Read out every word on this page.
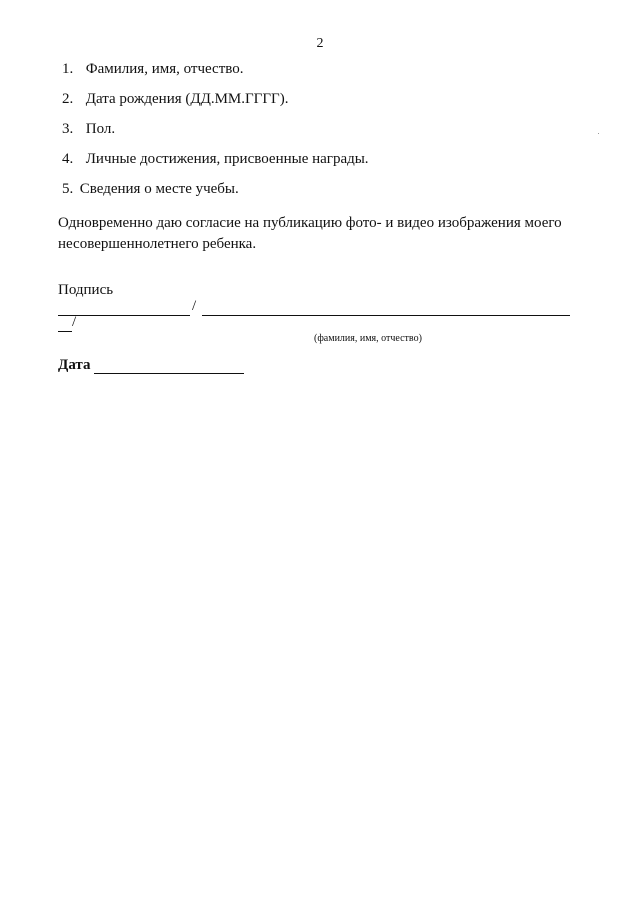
2
1. Фамилия, имя, отчество.
2. Дата рождения (ДД.ММ.ГГГГ).
3. Пол.
4. Личные достижения, присвоенные награды.
5. Сведения о месте учебы.
Одновременно даю согласие на публикацию фото- и видео изображения моего несовершеннолетнего ребенка.
Подпись
/
/
(фамилия, имя, отчество)
Дата
